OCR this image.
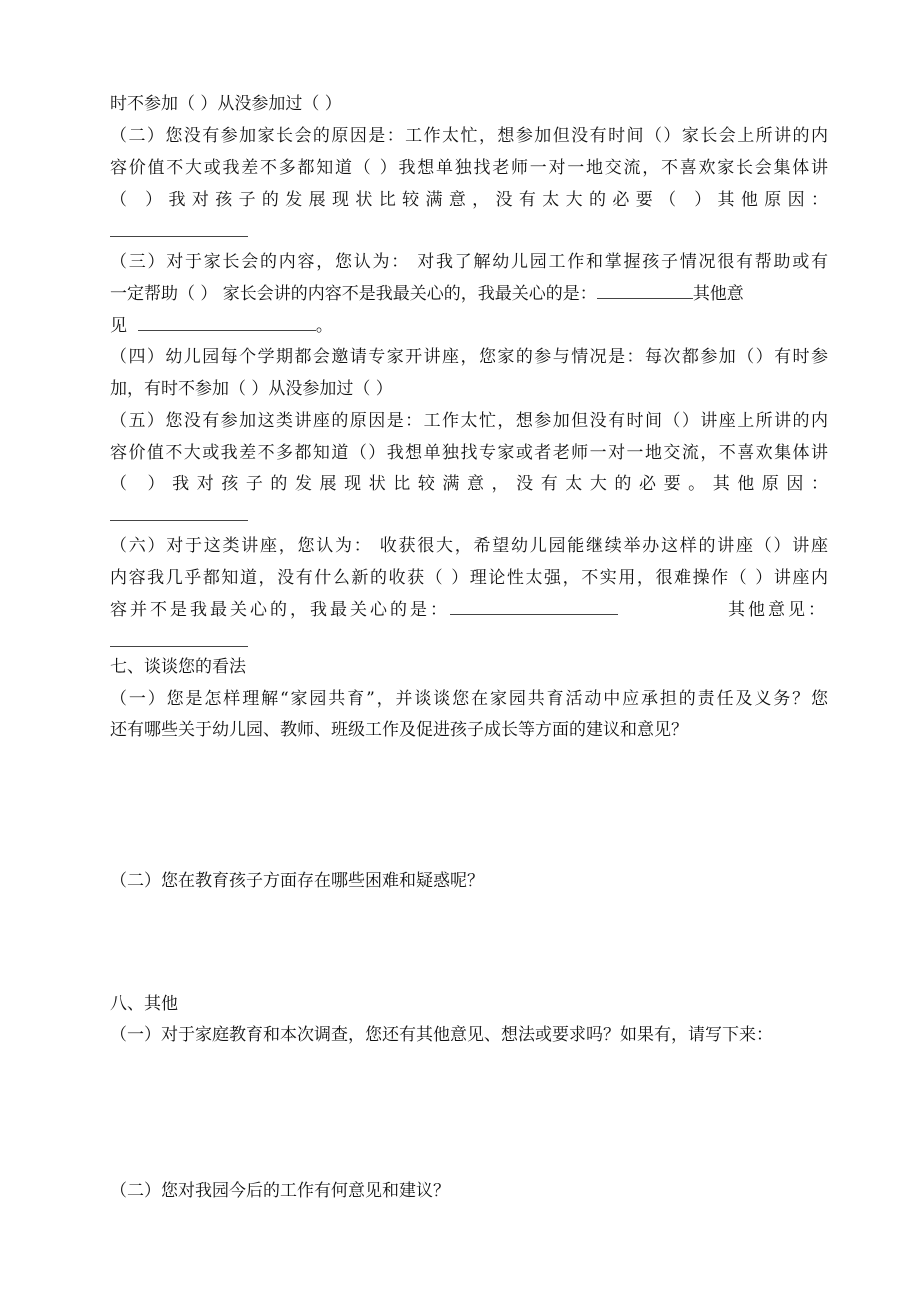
时不参加（ ）从没参加过（ ）
（二）您没有参加家长会的原因是：工作太忙，想参加但没有时间（）家长会上所讲的内
容价值不大或我差不多都知道（ ）我想单独找老师一对一地交流，不喜欢家长会集体讲
（ ）我对孩子的发展现状比较满意，没有太大的必要（ ）其他原因：
（三）对于家长会的内容，您认为： 对我了解幼儿园工作和掌握孩子情况很有帮助或有
一定帮助（ ） 家长会讲的内容不是我最关心的，我最关心的是：	其他意
见	。
（四）幼儿园每个学期都会邀请专家开讲座，您家的参与情况是：每次都参加（）有时参
加，有时不参加（ ）从没参加过（ ）
（五）您没有参加这类讲座的原因是：工作太忙，想参加但没有时间（）讲座上所讲的内
容价值不大或我差不多都知道（）我想单独找专家或者老师一对一地交流，不喜欢集体讲
（ ）我对孩子的发展现状比较满意，没有太大的必要。其他原因：
（六）对于这类讲座，您认为： 收获很大，希望幼儿园能继续举办这样的讲座（）讲座
内容我几乎都知道，没有什么新的收获（ ）理论性太强，不实用，很难操作（ ）讲座内
容并不是我最关心的，我最关心的是：	其他意见：
七、谈谈您的看法
（一）您是怎样理解“家园共育”，并谈谈您在家园共育活动中应承担的责任及义务？您
还有哪些关于幼儿园、教师、班级工作及促进孩子成长等方面的建议和意见？
（二）您在教育孩子方面存在哪些困难和疑惑呢？
八、其他
（一）对于家庭教育和本次调查，您还有其他意见、想法或要求吗？如果有，请写下来：
（二）您对我园今后的工作有何意见和建议？
